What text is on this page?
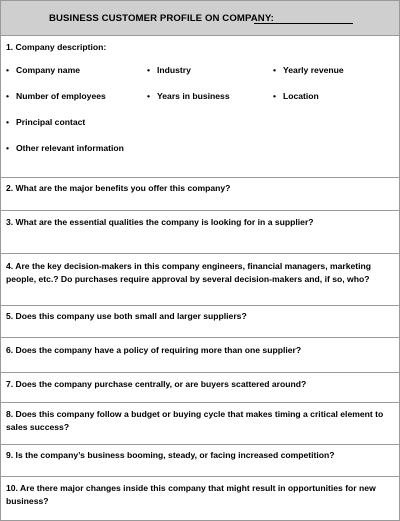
BUSINESS CUSTOMER PROFILE ON COMPANY:
1. Company description:
• Company name	• Industry	• Yearly revenue
• Number of employees	• Years in business	• Location
• Principal contact
• Other relevant information
2. What are the major benefits you offer this company?
3. What are the essential qualities the company is looking for in a supplier?
4. Are the key decision-makers in this company engineers, financial managers, marketing people, etc.? Do purchases require approval by several decision-makers and, if so, who?
5. Does this company use both small and larger suppliers?
6. Does the company have a policy of requiring more than one supplier?
7. Does the company purchase centrally, or are buyers scattered around?
8. Does this company follow a budget or buying cycle that makes timing a critical element to sales success?
9. Is the company’s business booming, steady, or facing increased competition?
10. Are there major changes inside this company that might result in opportunities for new business?
